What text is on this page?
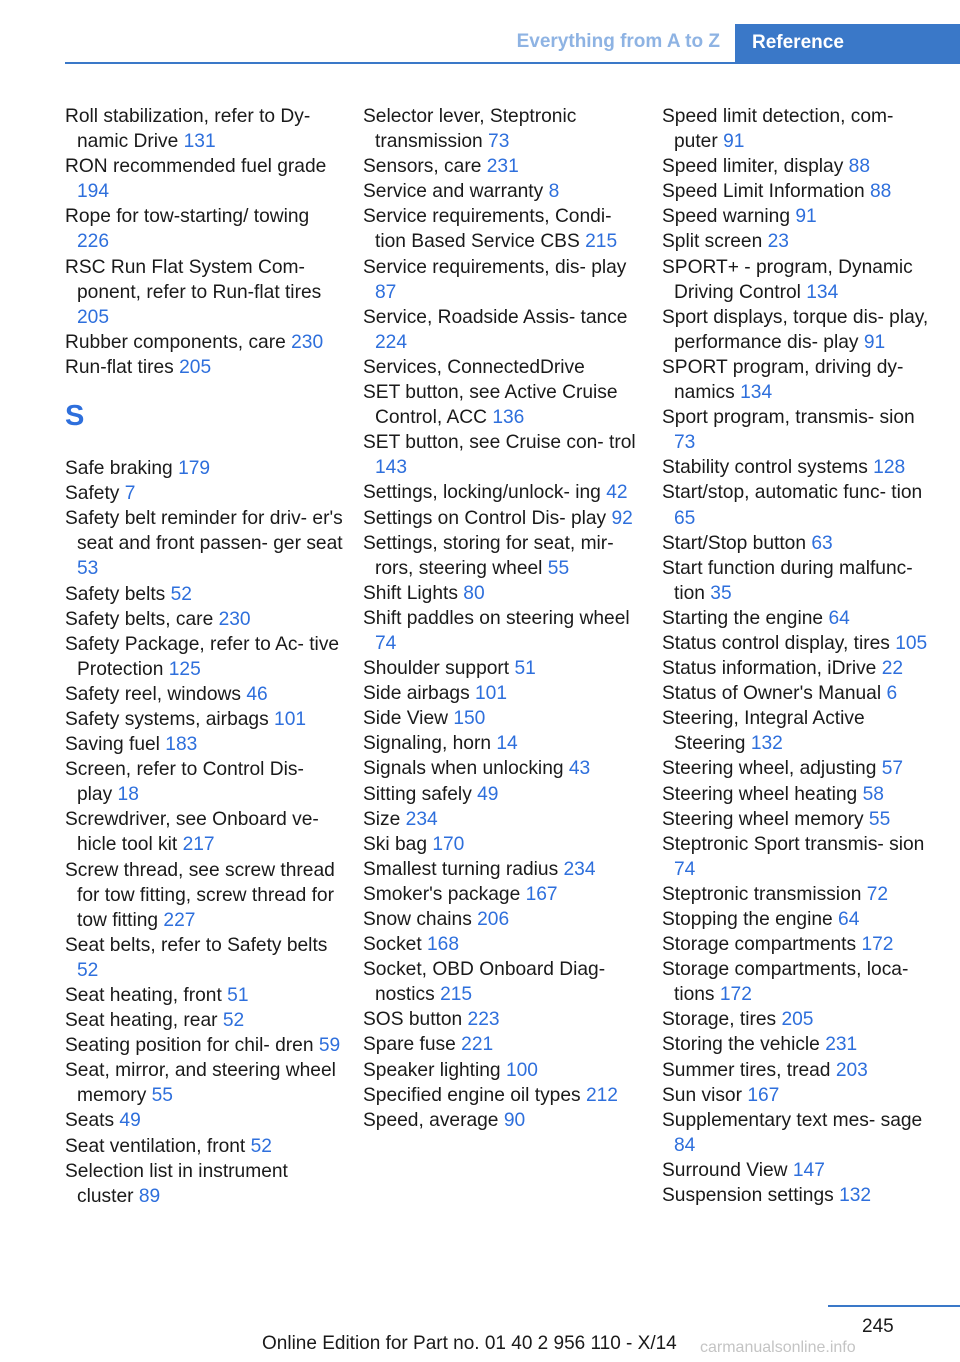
Everything from A to Z	Reference
Roll stabilization, refer to Dy- namic Drive 131
RON recommended fuel grade 194
Rope for tow-starting/ towing 226
RSC Run Flat System Com- ponent, refer to Run-flat tires 205
Rubber components, care 230
Run-flat tires 205
S
Safe braking 179
Safety 7
Safety belt reminder for driv- er's seat and front passen- ger seat 53
Safety belts 52
Safety belts, care 230
Safety Package, refer to Ac- tive Protection 125
Safety reel, windows 46
Safety systems, airbags 101
Saving fuel 183
Screen, refer to Control Dis- play 18
Screwdriver, see Onboard ve- hicle tool kit 217
Screw thread, see screw thread for tow fitting, screw thread for tow fitting 227
Seat belts, refer to Safety belts 52
Seat heating, front 51
Seat heating, rear 52
Seating position for chil- dren 59
Seat, mirror, and steering wheel memory 55
Seats 49
Seat ventilation, front 52
Selection list in instrument cluster 89
Selector lever, Steptronic transmission 73
Sensors, care 231
Service and warranty 8
Service requirements, Condi- tion Based Service CBS 215
Service requirements, dis- play 87
Service, Roadside Assis- tance 224
Services, ConnectedDrive
SET button, see Active Cruise Control, ACC 136
SET button, see Cruise con- trol 143
Settings, locking/unlock- ing 42
Settings on Control Dis- play 92
Settings, storing for seat, mir- rors, steering wheel 55
Shift Lights 80
Shift paddles on steering wheel 74
Shoulder support 51
Side airbags 101
Side View 150
Signaling, horn 14
Signals when unlocking 43
Sitting safely 49
Size 234
Ski bag 170
Smallest turning radius 234
Smoker's package 167
Snow chains 206
Socket 168
Socket, OBD Onboard Diag- nostics 215
SOS button 223
Spare fuse 221
Speaker lighting 100
Specified engine oil types 212
Speed, average 90
Speed limit detection, com- puter 91
Speed limiter, display 88
Speed Limit Information 88
Speed warning 91
Split screen 23
SPORT+ - program, Dynamic Driving Control 134
Sport displays, torque dis- play, performance dis- play 91
SPORT program, driving dy- namics 134
Sport program, transmis- sion 73
Stability control systems 128
Start/stop, automatic func- tion 65
Start/Stop button 63
Start function during malfunc- tion 35
Starting the engine 64
Status control display, tires 105
Status information, iDrive 22
Status of Owner's Manual 6
Steering, Integral Active Steering 132
Steering wheel, adjusting 57
Steering wheel heating 58
Steering wheel memory 55
Steptronic Sport transmis- sion 74
Steptronic transmission 72
Stopping the engine 64
Storage compartments 172
Storage compartments, loca- tions 172
Storage, tires 205
Storing the vehicle 231
Summer tires, tread 203
Sun visor 167
Supplementary text mes- sage 84
Surround View 147
Suspension settings 132
245
Online Edition for Part no. 01 40 2 956 110 - X/14 carmanualsonline.info
